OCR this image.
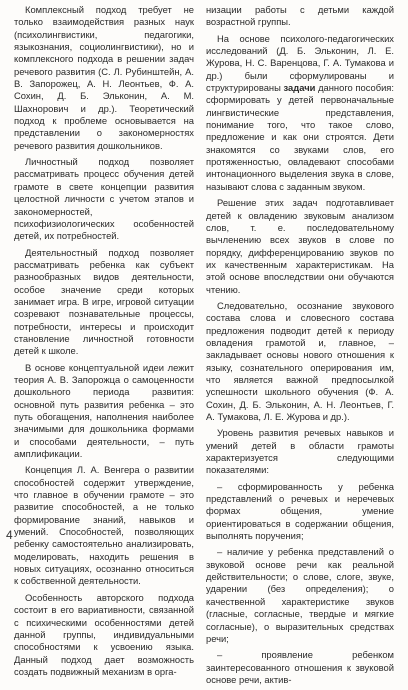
Комплексный подход требует не только взаимодействия разных наук (психолингвистики, педагогики, языкознания, социолингвистики), но и комплексного подхода в решении задач речевого развития (С. Л. Рубинштейн, А. В. Запорожец, А. Н. Леонтьев, Ф. А. Сохин, Д. Б. Эльконин, А. М. Шахнорович и др.). Теоретический подход к проблеме основывается на представлении о закономерностях речевого развития дошкольников.

Личностный подход позволяет рассматривать процесс обучения детей грамоте в свете концепции развития целостной личности с учетом этапов и закономерностей, психофизиологических особенностей детей, их потребностей.

Деятельностный подход позволяет рассматривать ребенка как субъект разнообразных видов деятельности, особое значение среди которых занимает игра. В игре, игровой ситуации созревают познавательные процессы, потребности, интересы и происходит становление личностной готовности детей к школе.

В основе концептуальной идеи лежит теория А. В. Запорожца о самоценности дошкольного периода развития: основной путь развития ребенка – это путь обогащения, наполнения наиболее значимыми для дошкольника формами и способами деятельности, – путь амплификации.

Концепция Л. А. Венгера о развитии способностей содержит утверждение, что главное в обучении грамоте – это развитие способностей, а не только формирование знаний, навыков и умений. Способностей, позволяющих ребенку самостоятельно анализировать, моделировать, находить решения в новых ситуациях, осознанно относиться к собственной деятельности.

Особенность авторского подхода состоит в его вариативности, связанной с психическими особенностями детей данной группы, индивидуальными способностями к усвоению языка. Данный подход дает возможность создать подвижный механизм в орга-

низации работы с детьми каждой возрастной группы.

На основе психолого-педагогических исследований (Д. Б. Эльконин, Л. Е. Журова, Н. С. Варенцова, Г. А. Тумакова и др.) были сформулированы и структурированы задачи данного пособия: сформировать у детей первоначальные лингвистические представления, понимание того, что такое слово, предложение и как они строятся. Дети знакомятся со звуками слов, его протяженностью, овладевают способами интонационного выделения звука в слове, называют слова с заданным звуком.

Решение этих задач подготавливает детей к овладению звуковым анализом слов, т. е. последовательному вычленению всех звуков в слове по порядку, дифференцированию звуков по их качественным характеристикам. На этой основе впоследствии они обучаются чтению.

Следовательно, осознание звукового состава слова и словесного состава предложения подводит детей к периоду овладения грамотой и, главное, – закладывает основы нового отношения к языку, сознательного оперирования им, что является важной предпосылкой успешности школьного обучения (Ф. А. Сохин, Д. Б. Эльконин, А. Н. Леонтьев, Г. А. Тумакова, Л. Е. Журова и др.).

Уровень развития речевых навыков и умений детей в области грамоты характеризуется следующими показателями:

– сформированность у ребенка представлений о речевых и неречевых формах общения, умение ориентироваться в содержании общения, выполнять поручения;

– наличие у ребенка представлений о звуковой основе речи как реальной действительности; о слове, слоге, звуке, ударении (без определения); о качественной характеристике звуков (гласные, согласные, твердые и мягкие согласные), о выразительных средствах речи;

– проявление ребенком заинтересованного отношения к звуковой основе речи, актив-

4
